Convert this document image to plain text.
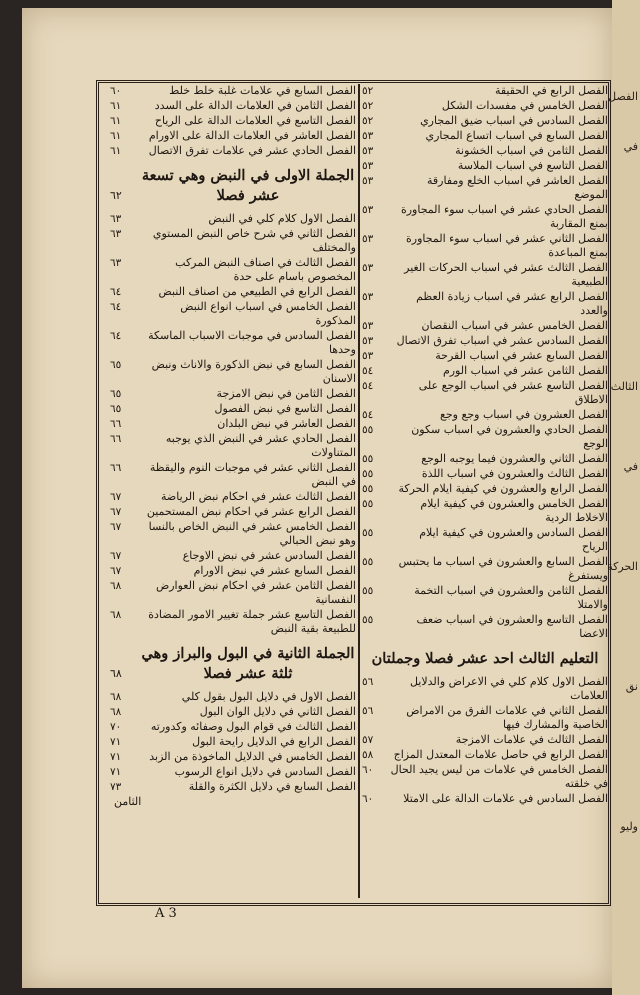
الفصل
في
الثالث
في
الحركة
نق
وليو
الفصل الرابع في الحقيقة
٥٢
الفصل الخامس في مفسدات الشكل
٥٢
الفصل السادس في اسباب ضيق المجاري
٥٢
الفصل السابع في اسباب اتساع المجاري
٥٣
الفصل الثامن في اسباب الخشونة
٥٣
الفصل التاسع في اسباب الملاسة
٥٣
الفصل العاشر في اسباب الخلع ومفارقة الموضع
٥٣
الفصل الحادي عشر في اسباب سوء المجاورة بمنع المقاربة
٥٣
الفصل الثاني عشر في اسباب سوء المجاورة بمنع المباعدة
٥٣
الفصل الثالث عشر في اسباب الحركات الغير الطبيعية
٥٣
الفصل الرابع عشر في اسباب زيادة العظم والعدد
٥٣
الفصل الخامس عشر في اسباب النقصان
٥٣
الفصل السادس عشر في اسباب تفرق الاتصال
٥٣
الفصل السابع عشر في اسباب القرحة
٥٣
الفصل الثامن عشر في اسباب الورم
٥٤
الفصل التاسع عشر في اسباب الوجع على الاطلاق
٥٤
الفصل العشرون في اسباب وجع وجع
٥٤
الفصل الحادي والعشرون في اسباب سكون الوجع
٥٥
الفصل الثاني والعشرون فيما يوجبه الوجع
٥٥
الفصل الثالث والعشرون في اسباب اللذة
٥٥
الفصل الرابع والعشرون في كيفية ايلام الحركة
٥٥
الفصل الخامس والعشرون في كيفية ايلام الاخلاط الردية
٥٥
الفصل السادس والعشرون في كيفية ايلام الرياح
٥٥
الفصل السابع والعشرون في اسباب ما يحتبس ويستفرغ
٥٥
الفصل الثامن والعشرون في اسباب التخمة والامتلا
٥٥
الفصل التاسع والعشرون في اسباب ضعف الاعضا
٥٥
التعليم الثالث احد عشر فصلا وجملتان
الفصل الاول كلام كلي في الاعراض والدلايل العلامات
٥٦
الفصل الثاني في علامات الفرق من الامراض الخاصية والمشارك فيها
٥٦
الفصل الثالث في علامات الامزجة
٥٧
الفصل الرابع في حاصل علامات المعتدل المزاج
٥٨
الفصل الخامس في علامات من ليس يجيد الحال في خلقته
٦٠
الفصل السادس في علامات الدالة على الامتلا
٦٠
الفصل السابع في علامات غلبة خلط خلط
٦٠
الفصل الثامن في العلامات الدالة على السدد
٦١
الفصل التاسع في العلامات الدالة على الرياح
٦١
الفصل العاشر في العلامات الدالة على الاورام
٦١
الفصل الحادي عشر في علامات تفرق الاتصال
٦١
الجملة الاولى في النبض وهي تسعة عشر فصلا
٦٢
الفصل الاول كلام كلي في النبض
٦٣
الفصل الثاني في شرح خاص النبض المستوي والمختلف
٦٣
الفصل الثالث في اصناف النبض المركب المخصوص باسام على حدة
٦٣
الفصل الرابع في الطبيعي من اصناف النبض
٦٤
الفصل الخامس في اسباب انواع النبض المذكورة
٦٤
الفصل السادس في موجبات الاسباب الماسكة وحدها
٦٤
الفصل السابع في نبض الذكورة والاناث ونبض الاسنان
٦٥
الفصل الثامن في نبض الامزجة
٦٥
الفصل التاسع في نبض الفصول
٦٥
الفصل العاشر في نبض البلدان
٦٦
الفصل الحادي عشر في النبض الذي يوجبه المتناولات
٦٦
الفصل الثاني عشر في موجبات النوم واليقظة في النبض
٦٦
الفصل الثالث عشر في احكام نبض الرياضة
٦٧
الفصل الرابع عشر في احكام نبض المستحمين
٦٧
الفصل الخامس عشر في النبض الخاص بالنسا وهو نبض الحبالي
٦٧
الفصل السادس عشر في نبض الاوجاع
٦٧
الفصل السابع عشر في نبض الاورام
٦٧
الفصل الثامن عشر في احكام نبض العوارض النفسانية
٦٨
الفصل التاسع عشر جملة تغيير الامور المضادة للطبيعة بقية النبض
٦٨
الجملة الثانية في البول والبراز وهي ثلثة عشر فصلا
٦٨
الفصل الاول في دلايل البول بقول كلي
٦٨
الفصل الثاني في دلايل الوان البول
٦٨
الفصل الثالث في قوام البول وصفائه وكدورته
٧٠
الفصل الرابع في الدلايل رايحة البول
٧١
الفصل الخامس في الدلايل الماخوذة من الزبد
٧١
الفصل السادس في دلايل انواع الرسوب
٧١
الفصل السابع في دلايل الكثرة والقلة
٧٣
الثامن
A 3
